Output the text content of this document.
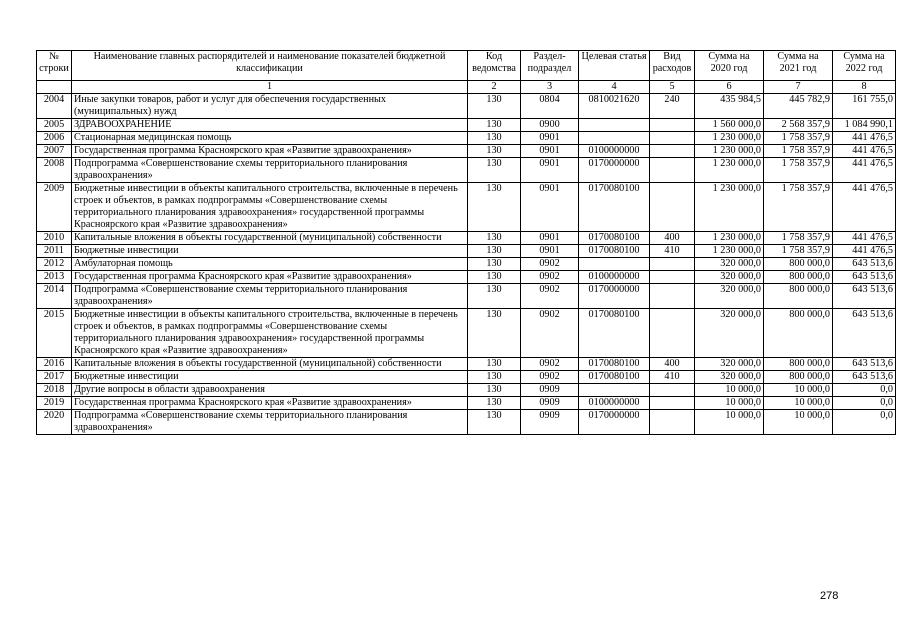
№ строки	Наименование главных распорядителей и наименование показателей бюджетной классификации	Код ведомства	Раздел-подраздел	Целевая статья	Вид расходов	Сумма на 2020 год	Сумма на 2021 год	Сумма на 2022 год
	1	2	3	4	5	6	7	8
2004	Иные закупки товаров, работ и услуг для обеспечения государственных (муниципальных) нужд	130	0804	0810021620	240	435 984,5	445 782,9	161 755,0
2005	ЗДРАВООХРАНЕНИЕ	130	0900			1 560 000,0	2 568 357,9	1 084 990,1
2006	Стационарная медицинская помощь	130	0901			1 230 000,0	1 758 357,9	441 476,5
2007	Государственная программа Красноярского края «Развитие здравоохранения»	130	0901	0100000000		1 230 000,0	1 758 357,9	441 476,5
2008	Подпрограмма «Совершенствование схемы территориального планирования здравоохранения»	130	0901	0170000000		1 230 000,0	1 758 357,9	441 476,5
2009	Бюджетные инвестиции в объекты капитального строительства, включенные в перечень строек и объектов, в рамках подпрограммы «Совершенствование схемы территориального планирования здравоохранения» государственной программы Красноярского края «Развитие здравоохранения»	130	0901	0170080100		1 230 000,0	1 758 357,9	441 476,5
2010	Капитальные вложения в объекты государственной (муниципальной) собственности	130	0901	0170080100	400	1 230 000,0	1 758 357,9	441 476,5
2011	Бюджетные инвестиции	130	0901	0170080100	410	1 230 000,0	1 758 357,9	441 476,5
2012	Амбулаторная помощь	130	0902			320 000,0	800 000,0	643 513,6
2013	Государственная программа Красноярского края «Развитие здравоохранения»	130	0902	0100000000		320 000,0	800 000,0	643 513,6
2014	Подпрограмма «Совершенствование схемы территориального планирования здравоохранения»	130	0902	0170000000		320 000,0	800 000,0	643 513,6
2015	Бюджетные инвестиции в объекты капитального строительства, включенные в перечень строек и объектов, в рамках подпрограммы «Совершенствование схемы территориального планирования здравоохранения» государственной программы Красноярского края «Развитие здравоохранения»	130	0902	0170080100		320 000,0	800 000,0	643 513,6
2016	Капитальные вложения в объекты государственной (муниципальной) собственности	130	0902	0170080100	400	320 000,0	800 000,0	643 513,6
2017	Бюджетные инвестиции	130	0902	0170080100	410	320 000,0	800 000,0	643 513,6
2018	Другие вопросы в области здравоохранения	130	0909			10 000,0	10 000,0	0,0
2019	Государственная программа Красноярского края «Развитие здравоохранения»	130	0909	0100000000		10 000,0	10 000,0	0,0
2020	Подпрограмма «Совершенствование схемы территориального планирования здравоохранения»	130	0909	0170000000		10 000,0	10 000,0	0,0
278
